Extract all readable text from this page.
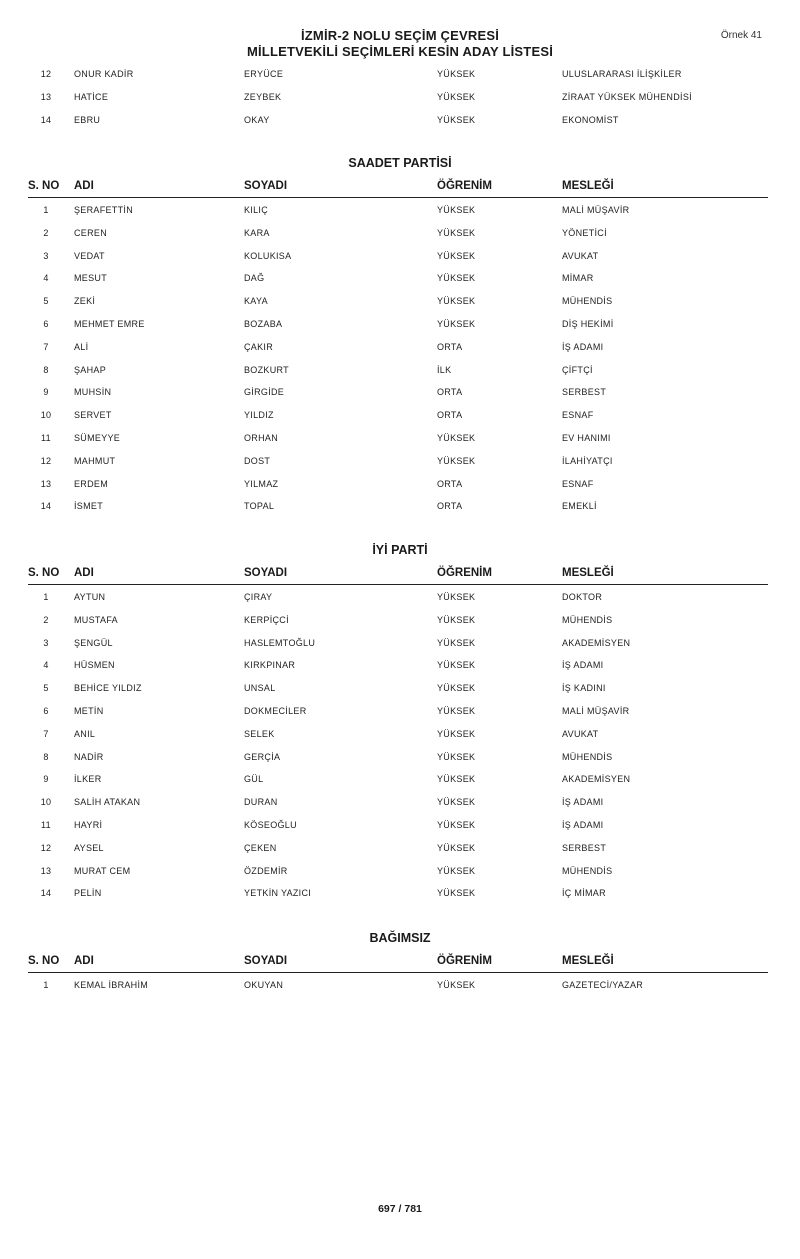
İZMİR-2 NOLU SEÇİM ÇEVRESİ
MİLLETVEKİLİ SEÇİMLERİ KESİN ADAY LİSTESİ
Örnek 41
12	ONUR KADİR	ERYÜCE	YÜKSEK	ULUSLARARASI İLİŞKİLER
13	HATİCE	ZEYBEK	YÜKSEK	ZİRAAT YÜKSEK MÜHENDİSİ
14	EBRU	OKAY	YÜKSEK	EKONOMİST
SAADET PARTİSİ
S. NO ADI	SOYADI	ÖĞRENİM	MESLEĞİ
1	ŞERAFETTİN	KILIÇ	YÜKSEK	MALİ MÜŞAVİR
2	CEREN	KARA	YÜKSEK	YÖNETİCİ
3	VEDAT	KOLUKISA	YÜKSEK	AVUKAT
4	MESUT	DAĞ	YÜKSEK	MİMAR
5	ZEKİ	KAYA	YÜKSEK	MÜHENDİS
6	MEHMET EMRE	BOZABA	YÜKSEK	DİŞ HEKİMİ
7	ALİ	ÇAKIR	ORTA	İŞ ADAMI
8	ŞAHAP	BOZKURT	İLK	ÇİFTÇİ
9	MUHSİN	GİRGİDE	ORTA	SERBEST
10	SERVET	YILDIZ	ORTA	ESNAF
11	SÜMEYYE	ORHAN	YÜKSEK	EV HANIMI
12	MAHMUT	DOST	YÜKSEK	İLAHİYATÇI
13	ERDEM	YILMAZ	ORTA	ESNAF
14	İSMET	TOPAL	ORTA	EMEKLİ
İYİ PARTİ
S. NO ADI	SOYADI	ÖĞRENİM	MESLEĞİ
1	AYTUN	ÇIRAY	YÜKSEK	DOKTOR
2	MUSTAFA	KERPİÇCİ	YÜKSEK	MÜHENDİS
3	ŞENGÜL	HASLEMTOĞLU	YÜKSEK	AKADEMİSYEN
4	HÜSMEN	KIRKPINAR	YÜKSEK	İŞ ADAMI
5	BEHİCE YILDIZ	UNSAL	YÜKSEK	İŞ KADINI
6	METİN	DOKMECİLER	YÜKSEK	MALİ MÜŞAVİR
7	ANIL	SELEK	YÜKSEK	AVUKAT
8	NADİR	GERÇİA	YÜKSEK	MÜHENDİS
9	İLKER	GÜL	YÜKSEK	AKADEMİSYEN
10	SALİH ATAKAN	DURAN	YÜKSEK	İŞ ADAMI
11	HAYRİ	KÖSEOĞLU	YÜKSEK	İŞ ADAMI
12	AYSEL	ÇEKEN	YÜKSEK	SERBEST
13	MURAT CEM	ÖZDEMİR	YÜKSEK	MÜHENDİS
14	PELİN	YETKİN YAZICI	YÜKSEK	İÇ MİMAR
BAĞIMSIZ
S. NO ADI	SOYADI	ÖĞRENİM	MESLEĞİ
1	KEMAL İBRAHİM	OKUYAN	YÜKSEK	GAZETECİ/YAZAR
697 / 781
